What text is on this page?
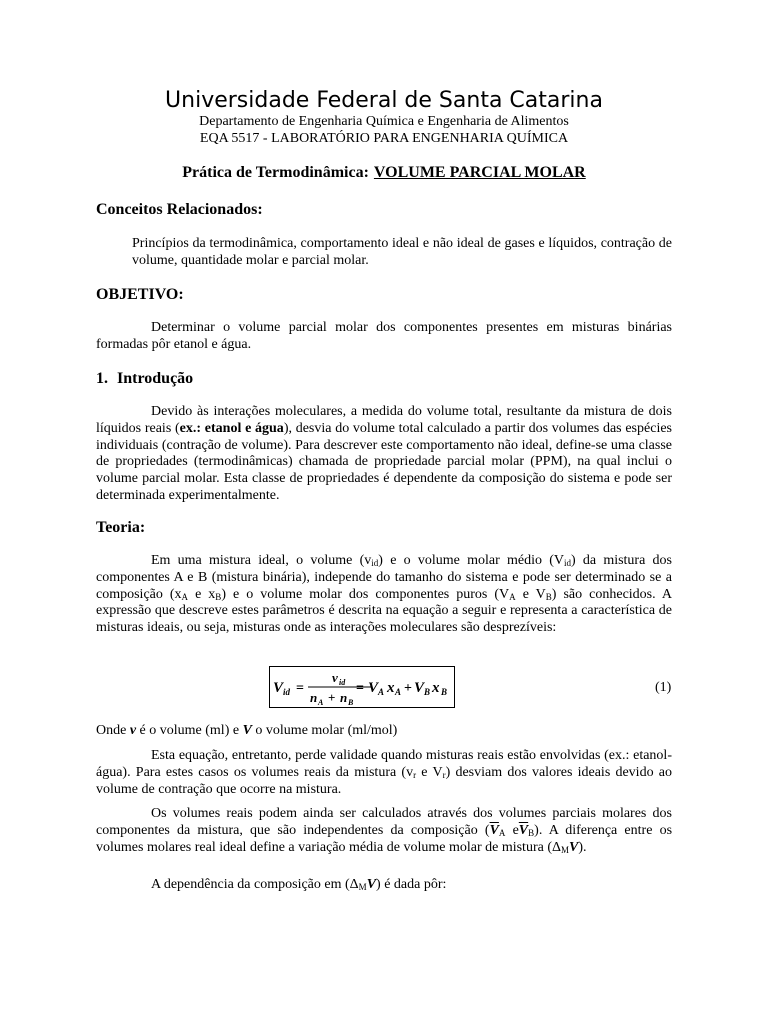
Universidade Federal de Santa Catarina
Departamento de Engenharia Química e Engenharia de Alimentos
EQA 5517 - LABORATÓRIO PARA ENGENHARIA QUÍMICA
Prática de Termodinâmica: VOLUME PARCIAL MOLAR
Conceitos Relacionados:
Princípios da termodinâmica, comportamento ideal e não ideal de gases e líquidos, contração de volume, quantidade molar e parcial molar.
OBJETIVO:
Determinar o volume parcial molar dos componentes presentes em misturas binárias formadas pôr etanol e água.
1. Introdução
Devido às interações moleculares, a medida do volume total, resultante da mistura de dois líquidos reais (ex.: etanol e água), desvia do volume total calculado a partir dos volumes das espécies individuais (contração de volume). Para descrever este comportamento não ideal, define-se uma classe de propriedades (termodinâmicas) chamada de propriedade parcial molar (PPM), na qual inclui o volume parcial molar. Esta classe de propriedades é dependente da composição do sistema e pode ser determinada experimentalmente.
Teoria:
Em uma mistura ideal, o volume $(v_{id})$ e o volume molar médio $(V_{id})$ da mistura dos componentes A e B (mistura binária), independe do tamanho do sistema e pode ser determinado se a composição ($x_A$ e $x_B$) e o volume molar dos componentes puros ($V_A$ e $V_B$) são conhecidos. A expressão que descreve estes parâmetros é descrita na equação a seguir e representa a característica de misturas ideais, ou seja, misturas onde as interações moleculares são desprezíveis:
V id =
v id
n A + n B
= V A x A + V B x B	(1)
Onde v é o volume (ml) e V o volume molar (ml/mol)
Esta equação, entretanto, perde validade quando misturas reais estão envolvidas (ex.: etanol-água). Para estes casos os volumes reais da mistura ($v_r$ e $V_r$) desviam dos valores ideais devido ao volume de contração que ocorre na mistura.
Os volumes reais podem ainda ser calculados através dos volumes parciais molares dos componentes da mistura, que são independentes da composição ($\overline{V}_A$ $e\overline{V}_B$). A diferença entre os volumes molares real ideal define a variação média de volume molar de mistura $(\Delta_MV)$.
A dependência da composição em $(\Delta_MV)$ é dada pôr:
